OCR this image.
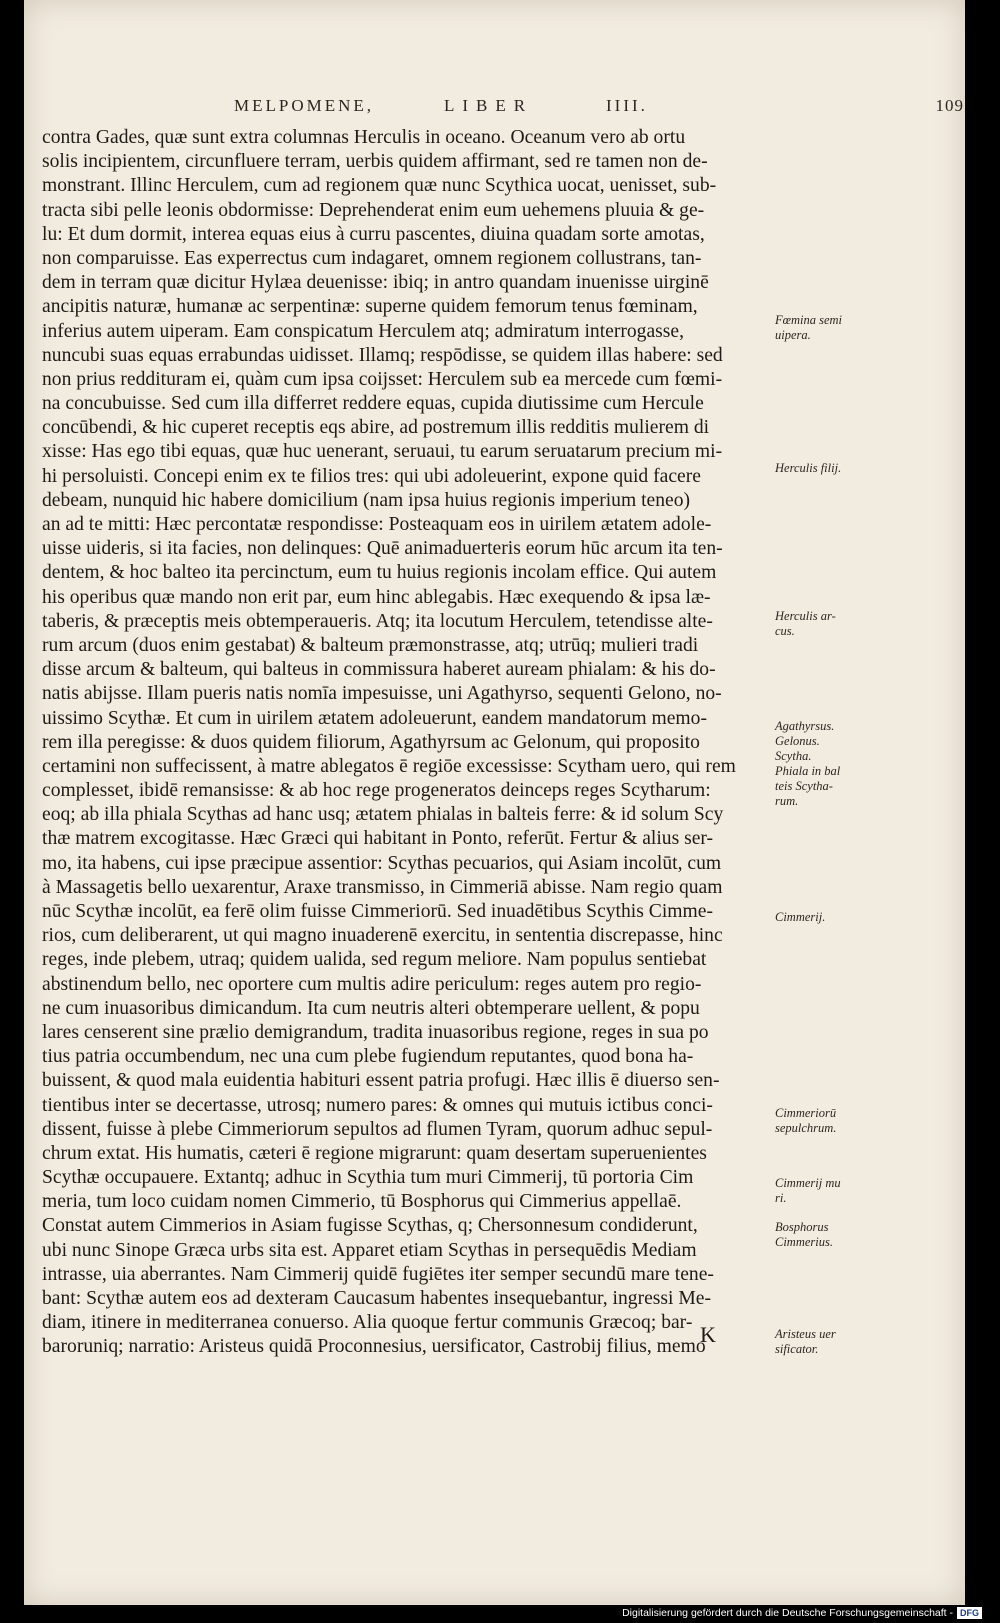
MELPOMENE,	LIBER	IIII.	109
contra Gades, quæ sunt extra columnas Herculis in oceano. Oceanum vero ab ortu
solis incipientem, circunfluere terram, uerbis quidem affirmant, sed re tamen non de-
monstrant. Illinc Herculem, cum ad regionem quæ nunc Scythica uocat, uenisset, sub-
tracta sibi pelle leonis obdormisse: Deprehenderat enim eum uehemens pluuia & ge-
lu: Et dum dormit, interea equas eius à curru pascentes, diuina quadam sorte amotas,
non comparuisse. Eas experrectus cum indagaret, omnem regionem collustrans, tan-
dem in terram quæ dicitur Hylæa deuenisse: ibiq; in antro quandam inuenisse uirginē
ancipitis naturæ, humanæ ac serpentinæ: superne quidem femorum tenus fœminam,
inferius autem uiperam. Eam conspicatum Herculem atq; admiratum interrogasse,
nuncubi suas equas errabundas uidisset. Illamq; respōdisse, se quidem illas habere: sed
non prius reddituram ei, quàm cum ipsa coijsset: Herculem sub ea mercede cum fœmi-
na concubuisse. Sed cum illa differret reddere equas, cupida diutissime cum Hercule
concūbendi, & hic cuperet receptis eqs abire, ad postremum illis redditis mulierem di
xisse: Has ego tibi equas, quæ huc uenerant, seruaui, tu earum seruatarum precium mi-
hi persoluisti. Concepi enim ex te filios tres: qui ubi adoleuerint, expone quid facere
debeam, nunquid hic habere domicilium (nam ipsa huius regionis imperium teneo)
an ad te mitti: Hæc percontatæ respondisse: Posteaquam eos in uirilem ætatem adole-
uisse uideris, si ita facies, non delinques: Quē animaduerteris eorum hūc arcum ita ten-
dentem, & hoc balteo ita percinctum, eum tu huius regionis incolam effice. Qui autem
his operibus quæ mando non erit par, eum hinc ablegabis. Hæc exequendo & ipsa læ-
taberis, & præceptis meis obtemperaueris. Atq; ita locutum Herculem, tetendisse alte-
rum arcum (duos enim gestabat) & balteum præmonstrasse, atq; utrūq; mulieri tradi
disse arcum & balteum, qui balteus in commissura haberet auream phialam: & his do-
natis abijsse. Illam pueris natis nomīa impesuisse, uni Agathyrso, sequenti Gelono, no-
uissimo Scythæ. Et cum in uirilem ætatem adoleuerunt, eandem mandatorum memo-
rem illa peregisse: & duos quidem filiorum, Agathyrsum ac Gelonum, qui proposito
certamini non suffecissent, à matre ablegatos ē regiōe excessisse: Scytham uero, qui rem
complesset, ibidē remansisse: & ab hoc rege progeneratos deinceps reges Scytharum:
eoq; ab illa phiala Scythas ad hanc usq; ætatem phialas in balteis ferre: & id solum Scy
thæ matrem excogitasse. Hæc Græci qui habitant in Ponto, referūt. Fertur & alius ser-
mo, ita habens, cui ipse præcipue assentior: Scythas pecuarios, qui Asiam incolūt, cum
à Massagetis bello uexarentur, Araxe transmisso, in Cimmeriā abisse. Nam regio quam
nūc Scythæ incolūt, ea ferē olim fuisse Cimmeriorū. Sed inuadētibus Scythis Cimme-
rios, cum deliberarent, ut qui magno inuaderenē exercitu, in sententia discrepasse, hinc
reges, inde plebem, utraq; quidem ualida, sed regum meliore. Nam populus sentiebat
abstinendum bello, nec oportere cum multis adire periculum: reges autem pro regio-
ne cum inuasoribus dimicandum. Ita cum neutris alteri obtemperare uellent, & popu
lares censerent sine prælio demigrandum, tradita inuasoribus regione, reges in sua po
tius patria occumbendum, nec una cum plebe fugiendum reputantes, quod bona ha-
buissent, & quod mala euidentia habituri essent patria profugi. Hæc illis ē diuerso sen-
tientibus inter se decertasse, utrosq; numero pares: & omnes qui mutuis ictibus conci-
dissent, fuisse à plebe Cimmeriorum sepultos ad flumen Tyram, quorum adhuc sepul-
chrum extat. His humatis, cæteri ē regione migrarunt: quam desertam superuenientes
Scythæ occupauere. Extantq; adhuc in Scythia tum muri Cimmerij, tū portoria Cim
meria, tum loco cuidam nomen Cimmerio, tū Bosphorus qui Cimmerius appellaē.
Constat autem Cimmerios in Asiam fugisse Scythas, q; Chersonnesum condiderunt,
ubi nunc Sinope Græca urbs sita est. Apparet etiam Scythas in persequēdis Mediam
intrasse, uia aberrantes. Nam Cimmerij quidē fugiētes iter semper secundū mare tene-
bant: Scythæ autem eos ad dexteram Caucasum habentes insequebantur, ingressi Me-
diam, itinere in mediterranea conuerso. Alia quoque fertur communis Græcoq; bar-
baroruniq; narratio: Aristeus quidā Proconnesius, uersificator, Castrobij filius, memo
Fœmina semi
uipera.
Herculis filij.
Herculis ar-
cus.
Agathyrsus.
Gelonus.
Scytha.
Phiala in bal
teis Scytha-
rum.
Cimmerij.
Cimmeriorū
sepulchrum.
Cimmerij mu
ri.
Bosphorus
Cimmerius.
Aristeus uer
sificator.
K
Digitalisierung gefördert durch die Deutsche Forschungsgemeinschaft - DFG
